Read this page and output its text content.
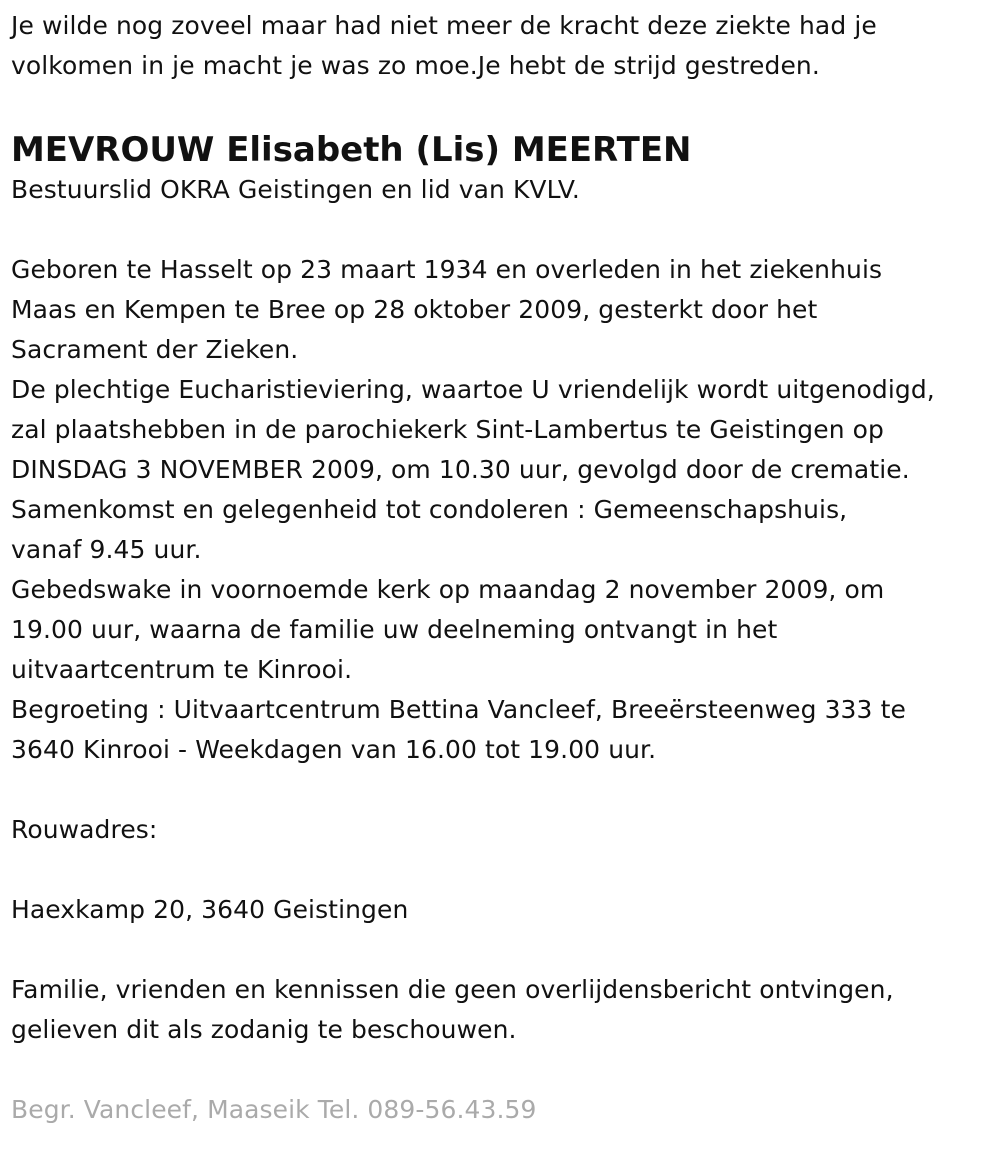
Je wilde nog zoveel maar had niet meer de kracht deze ziekte had je
volkomen in je macht je was zo moe.Je hebt de strijd gestreden.
MEVROUW Elisabeth (Lis) MEERTEN
Bestuurslid OKRA Geistingen en lid van KVLV.
Geboren te Hasselt op 23 maart 1934 en overleden in het ziekenhuis
Maas en Kempen te Bree op 28 oktober 2009, gesterkt door het
Sacrament der Zieken.
De plechtige Eucharistieviering, waartoe U vriendelijk wordt uitgenodigd,
zal plaatshebben in de parochiekerk Sint-Lambertus te Geistingen op
DINSDAG 3 NOVEMBER 2009, om 10.30 uur, gevolgd door de crematie.
Samenkomst en gelegenheid tot condoleren : Gemeenschapshuis,
vanaf 9.45 uur.
Gebedswake in voornoemde kerk op maandag 2 november 2009, om
19.00 uur, waarna de familie uw deelneming ontvangt in het
uitvaartcentrum te Kinrooi.
Begroeting : Uitvaartcentrum Bettina Vancleef, Breeërsteenweg 333 te
3640 Kinrooi - Weekdagen van 16.00 tot 19.00 uur.
Rouwadres:
Haexkamp 20, 3640 Geistingen
Familie, vrienden en kennissen die geen overlijdensbericht ontvingen,
gelieven dit als zodanig te beschouwen.
Begr. Vancleef, Maaseik Tel. 089-56.43.59
